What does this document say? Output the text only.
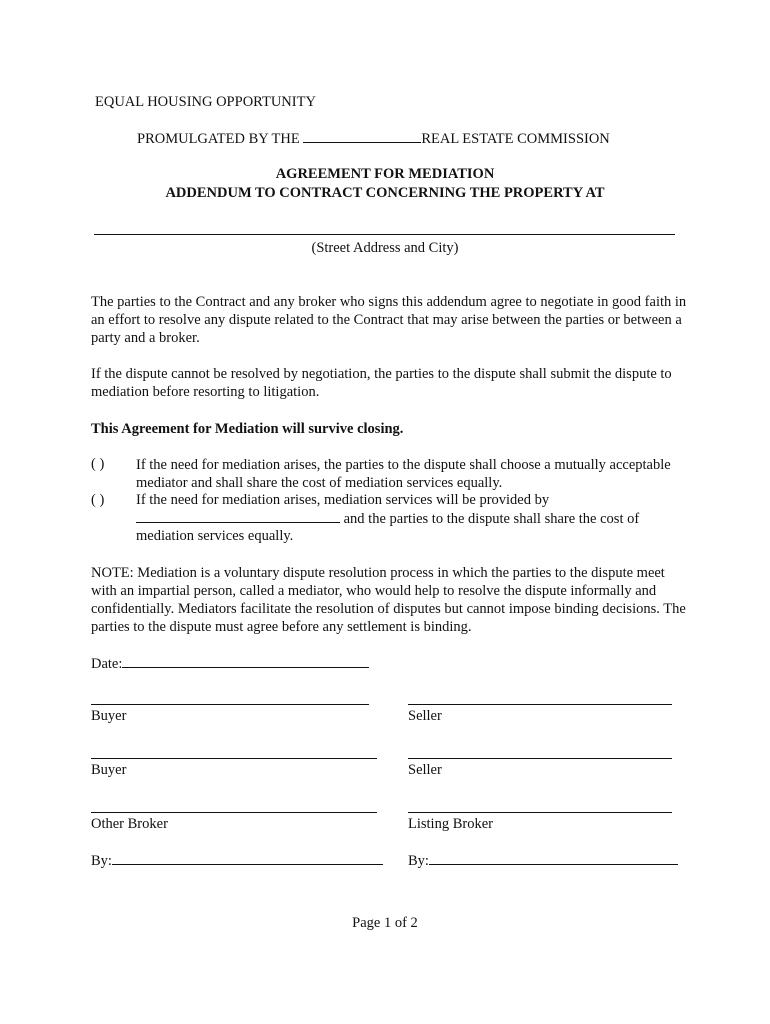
EQUAL HOUSING OPPORTUNITY
PROMULGATED BY THE	REAL ESTATE COMMISSION
AGREEMENT FOR MEDIATION
ADDENDUM TO CONTRACT CONCERNING THE PROPERTY AT
(Street Address and City)
The parties to the Contract and any broker who signs this addendum agree to negotiate in good faith in an effort to resolve any dispute related to the Contract that may arise between the parties or between a party and a broker.
If the dispute cannot be resolved by negotiation, the parties to the dispute shall submit the dispute to mediation before resorting to litigation.
This Agreement for Mediation will survive closing.
( ) If the need for mediation arises, the parties to the dispute shall choose a mutually acceptable mediator and shall share the cost of mediation services equally.
( ) If the need for mediation arises, mediation services will be provided by
and the parties to the dispute shall share the cost of
mediation services equally.
NOTE: Mediation is a voluntary dispute resolution process in which the parties to the dispute meet with an impartial person, called a mediator, who would help to resolve the dispute informally and confidentially. Mediators facilitate the resolution of disputes but cannot impose binding decisions. The parties to the dispute must agree before any settlement is binding.
Date:
Buyer	Seller
Buyer	Seller
Other Broker	Listing Broker
By:	By:
Page 1 of 2
